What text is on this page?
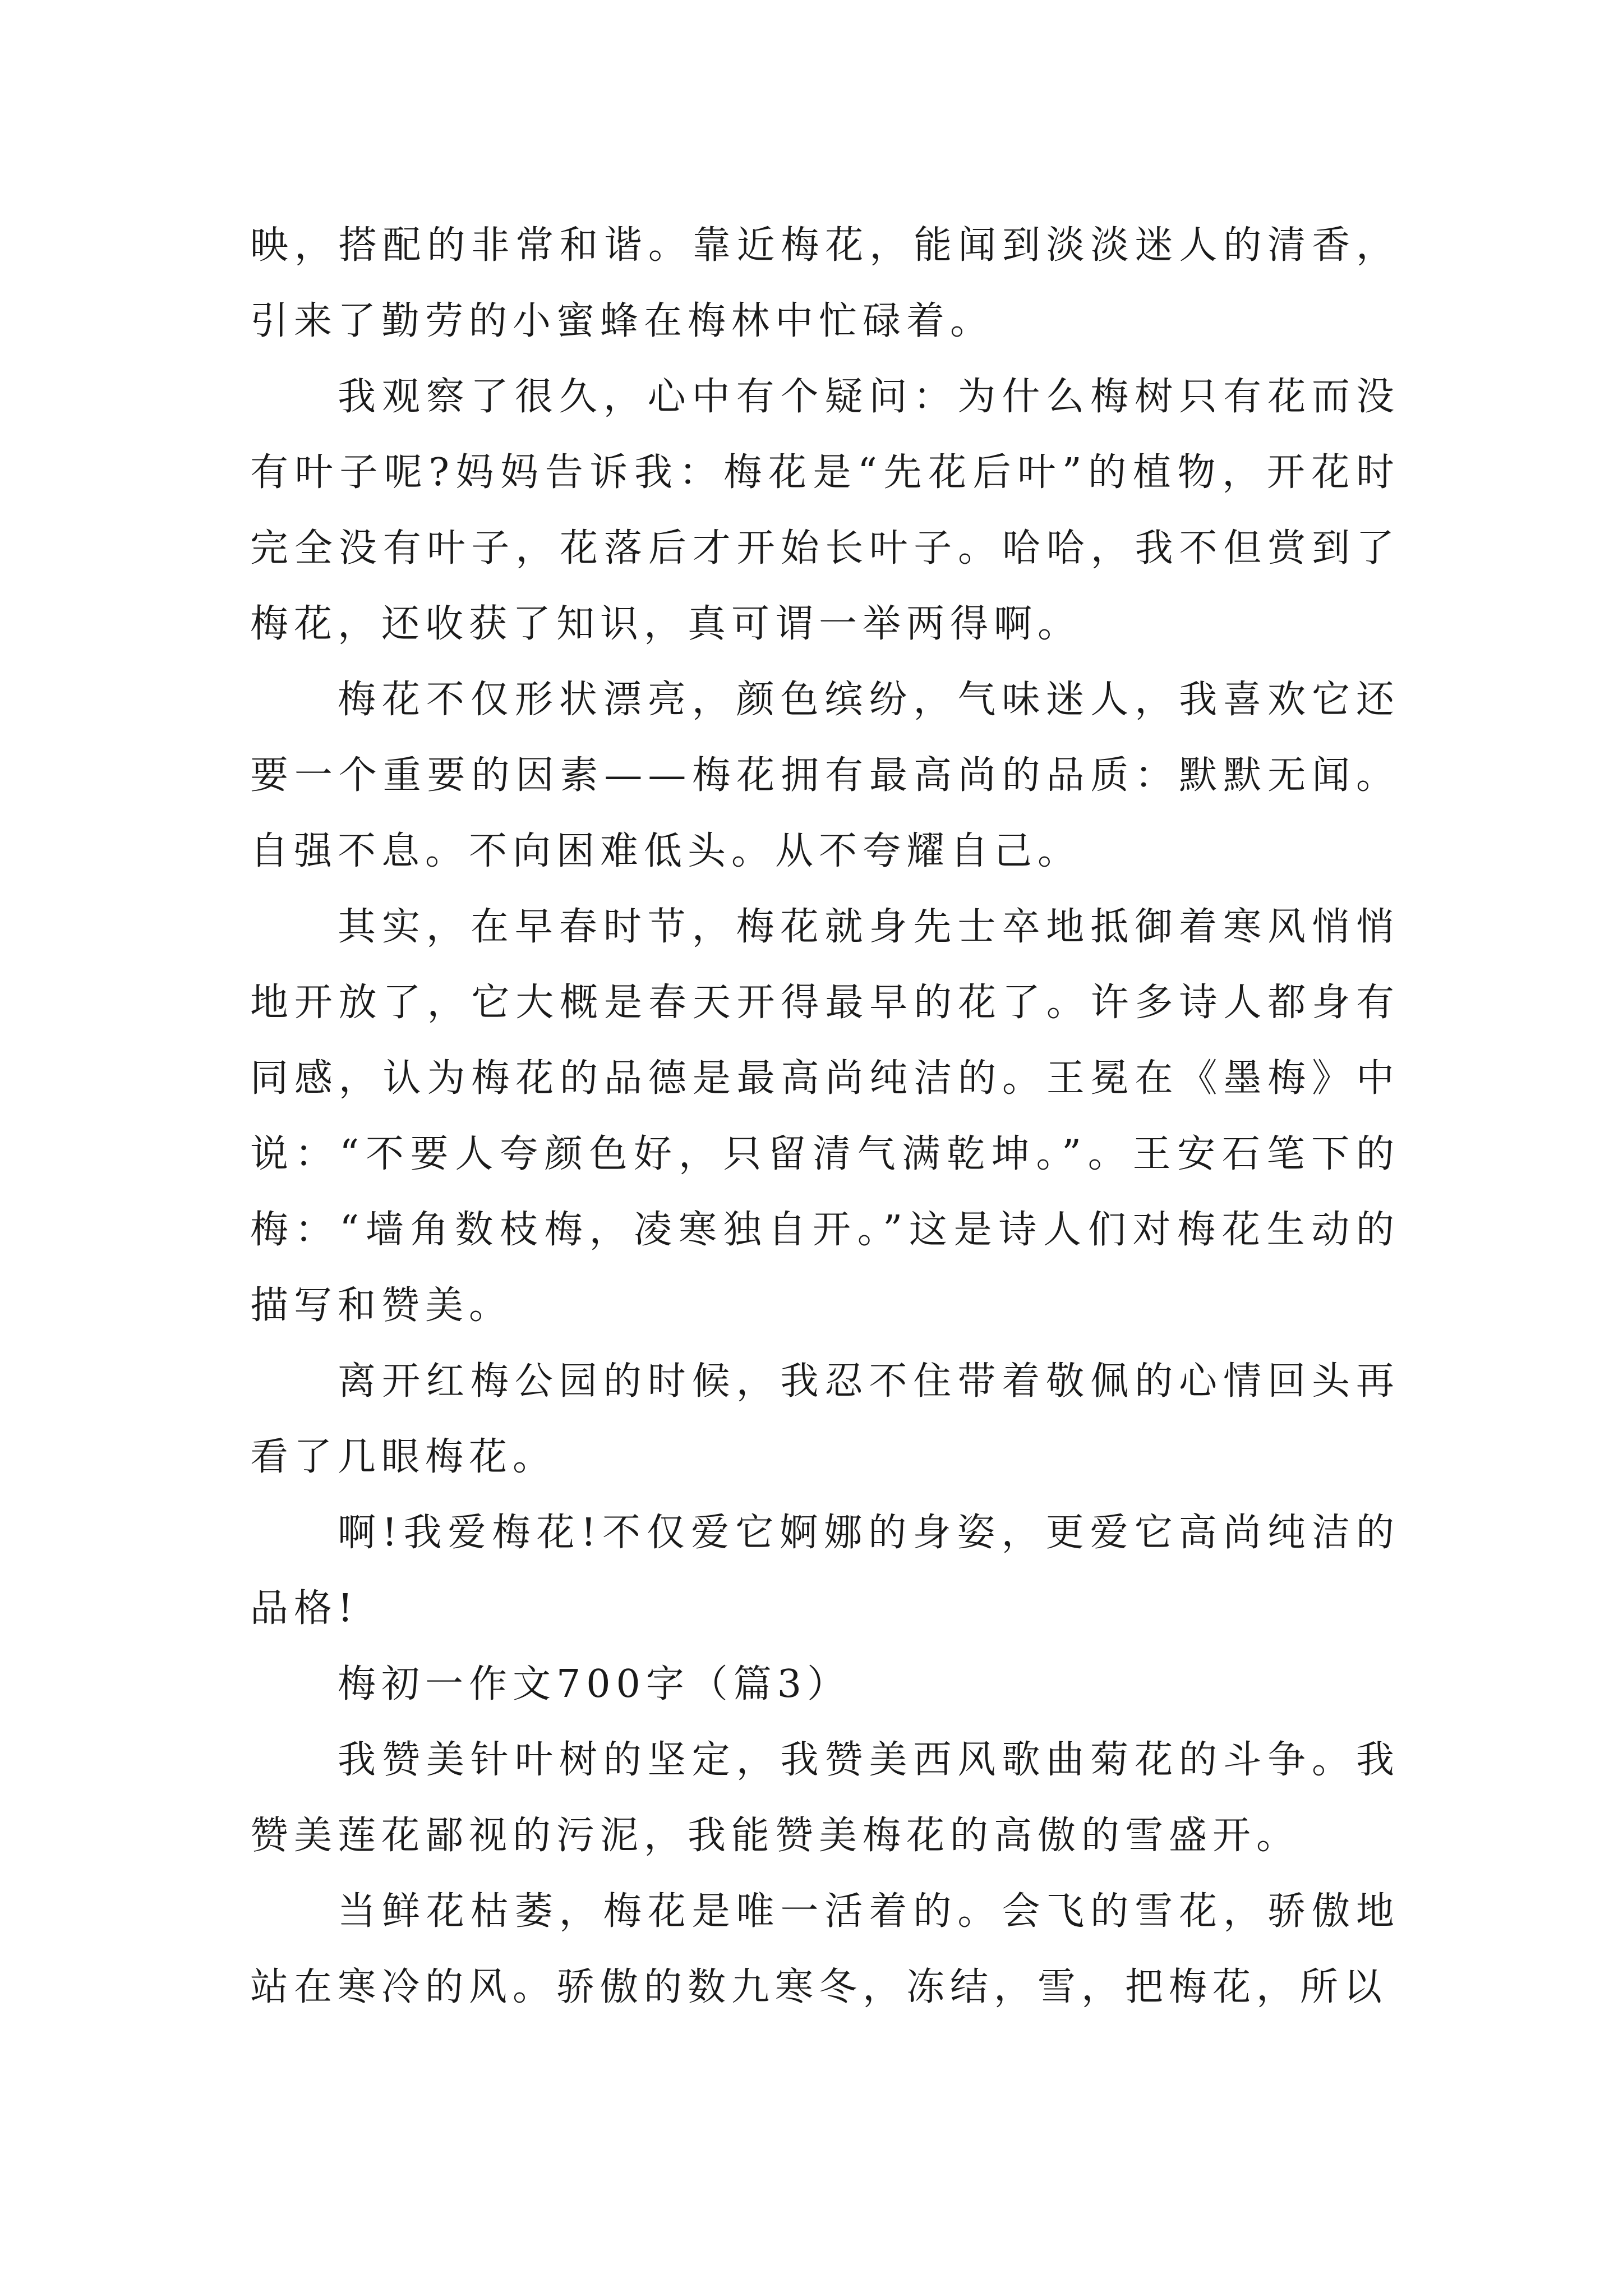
映，搭配的非常和谐。靠近梅花，能闻到淡淡迷人的清香，引来了勤劳的小蜜蜂在梅林中忙碌着。

我观察了很久，心中有个疑问：为什么梅树只有花而没有叶子呢?妈妈告诉我：梅花是“先花后叶”的植物，开花时完全没有叶子，花落后才开始长叶子。哈哈，我不但赏到了梅花，还收获了知识，真可谓一举两得啊。

梅花不仅形状漂亮，颜色缤纷，气味迷人，我喜欢它还要一个重要的因素——梅花拥有最高尚的品质：默默无闻。自强不息。不向困难低头。从不夸耀自己。

其实，在早春时节，梅花就身先士卒地抵御着寒风悄悄地开放了，它大概是春天开得最早的花了。许多诗人都身有同感，认为梅花的品德是最高尚纯洁的。王冕在《墨梅》中说：“不要人夸颜色好，只留清气满乾坤。”。王安石笔下的梅：“墙角数枝梅，凌寒独自开。”这是诗人们对梅花生动的描写和赞美。

离开红梅公园的时候，我忍不住带着敬佩的心情回头再看了几眼梅花。

啊!我爱梅花!不仅爱它婀娜的身姿，更爱它高尚纯洁的品格!

梅初一作文700字（篇3）

我赞美针叶树的坚定，我赞美西风歌曲菊花的斗争。我赞美莲花鄙视的污泥，我能赞美梅花的高傲的雪盛开。

当鲜花枯萎，梅花是唯一活着的。会飞的雪花，骄傲地站在寒冷的风。骄傲的数九寒冬，冻结，雪，把梅花，所以
